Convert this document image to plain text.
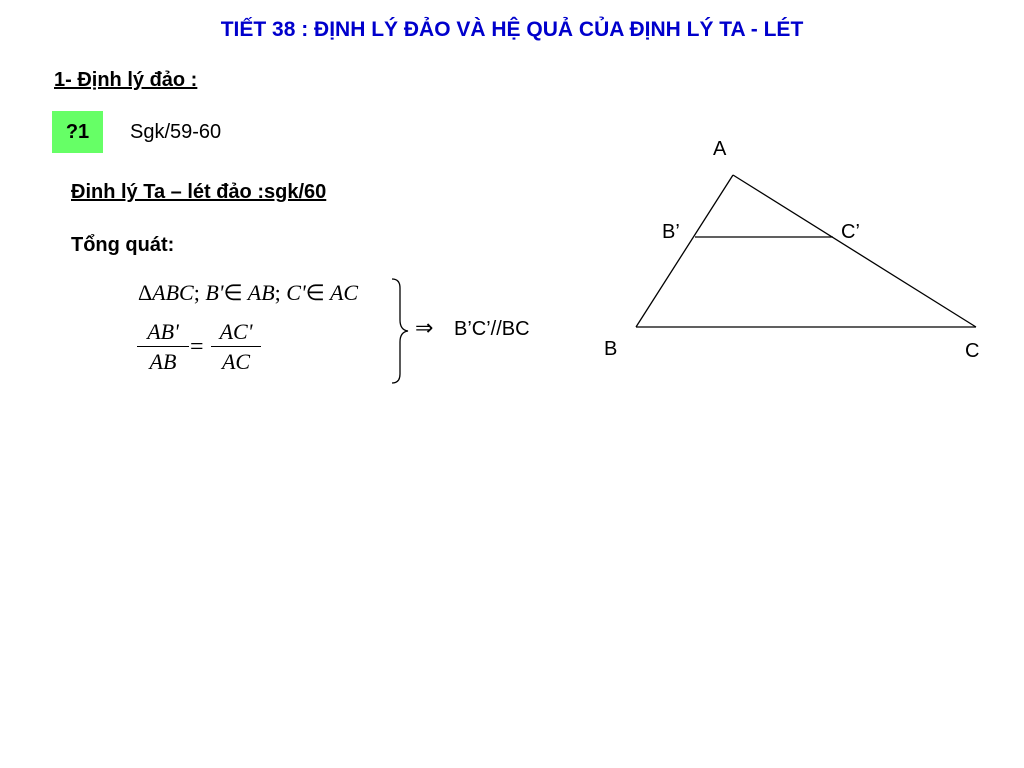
TIẾT 38 : ĐỊNH LÝ ĐẢO VÀ HỆ QUẢ CỦA ĐỊNH LÝ TA - LÉT
1- Định lý đảo :
?1	Sgk/59-60
Đinh lý Ta – lét đảo :sgk/60
Tổng quát:
ΔABC; B'∈ AB; C'∈ AC
$\frac{AB'}{AB} = \frac{AC'}{AC}$	⇒ B’C’//BC
A
B	C
B’	C’
